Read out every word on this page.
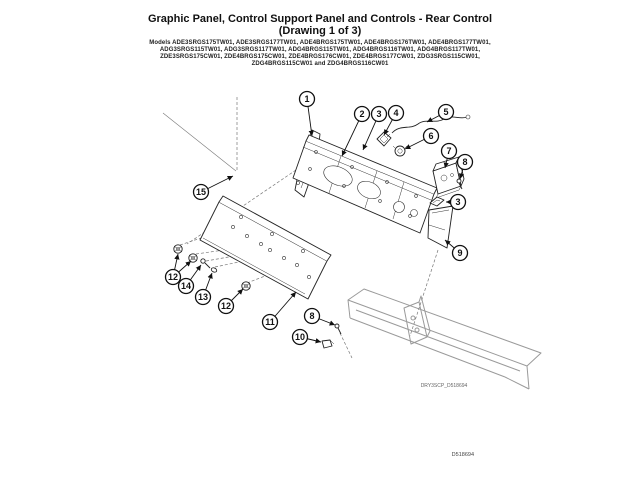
Graphic Panel, Control Support Panel and Controls - Rear Control
(Drawing 1 of 3)
Models ADE3SRGS175TW01, ADE3SRGS177TW01, ADE4BRGS175TW01, ADE4BRGS176TW01, ADE4BRGS177TW01,
ADG3SRGS115TW01, ADG3SRGS117TW01, ADG4BRGS115TW01, ADG4BRGS116TW01, ADG4BRGS117TW01,
ZDE3SRGS175CW01, ZDE4BRGS175CW01, ZDE4BRGS176CW01, ZDE4BRGS177CW01, ZDG3SRGS115CW01,
ZDG4BRGS115CW01 and ZDG4BRGS116CW01
1
2 3 4	5
6
7
8
3
9
15
12
14
13
12
11
8
10
DRY3SCP_D518694
D518694
